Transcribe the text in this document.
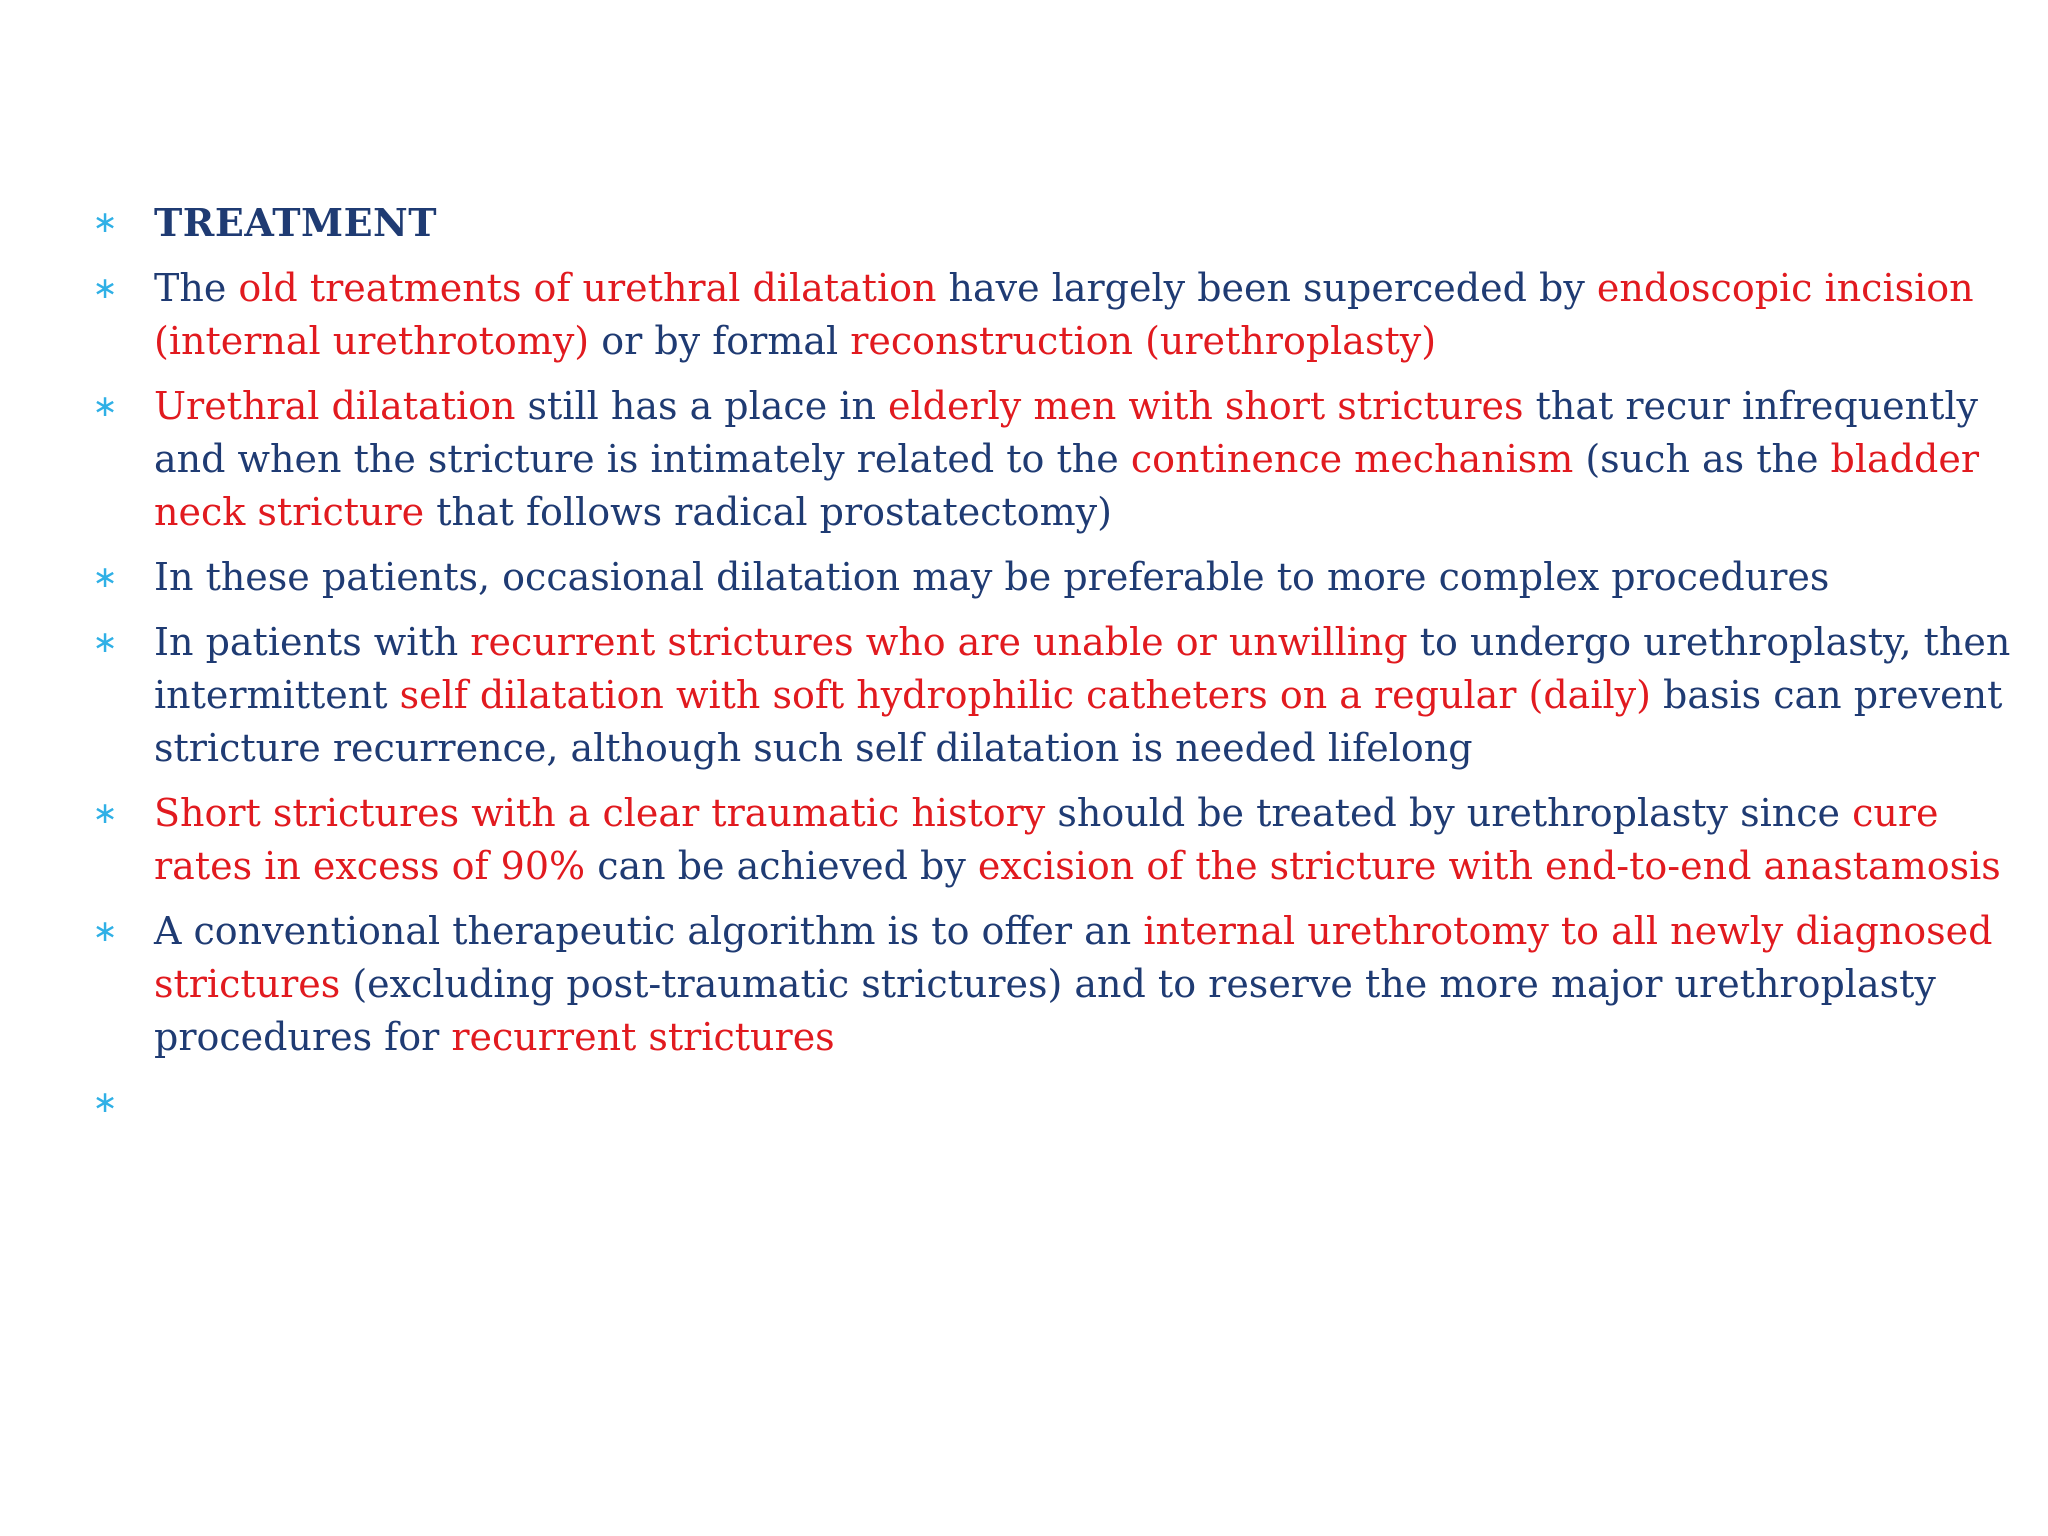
∗ TREATMENT
∗ The old treatments of urethral dilatation have largely been superceded by endoscopic incision (internal urethrotomy) or by formal reconstruction (urethroplasty)
∗ Urethral dilatation still has a place in elderly men with short strictures that recur infrequently and when the stricture is intimately related to the continence mechanism (such as the bladder neck stricture that follows radical prostatectomy)
∗ In these patients, occasional dilatation may be preferable to more complex procedures
∗ In patients with recurrent strictures who are unable or unwilling to undergo urethroplasty, then intermittent self dilatation with soft hydrophilic catheters on a regular (daily) basis can prevent stricture recurrence, although such self dilatation is needed lifelong
∗ Short strictures with a clear traumatic history should be treated by urethroplasty since cure rates in excess of 90% can be achieved by excision of the stricture with end-to-end anastamosis
∗ A conventional therapeutic algorithm is to offer an internal urethrotomy to all newly diagnosed strictures (excluding post-traumatic strictures) and to reserve the more major urethroplasty procedures for recurrent strictures
∗
